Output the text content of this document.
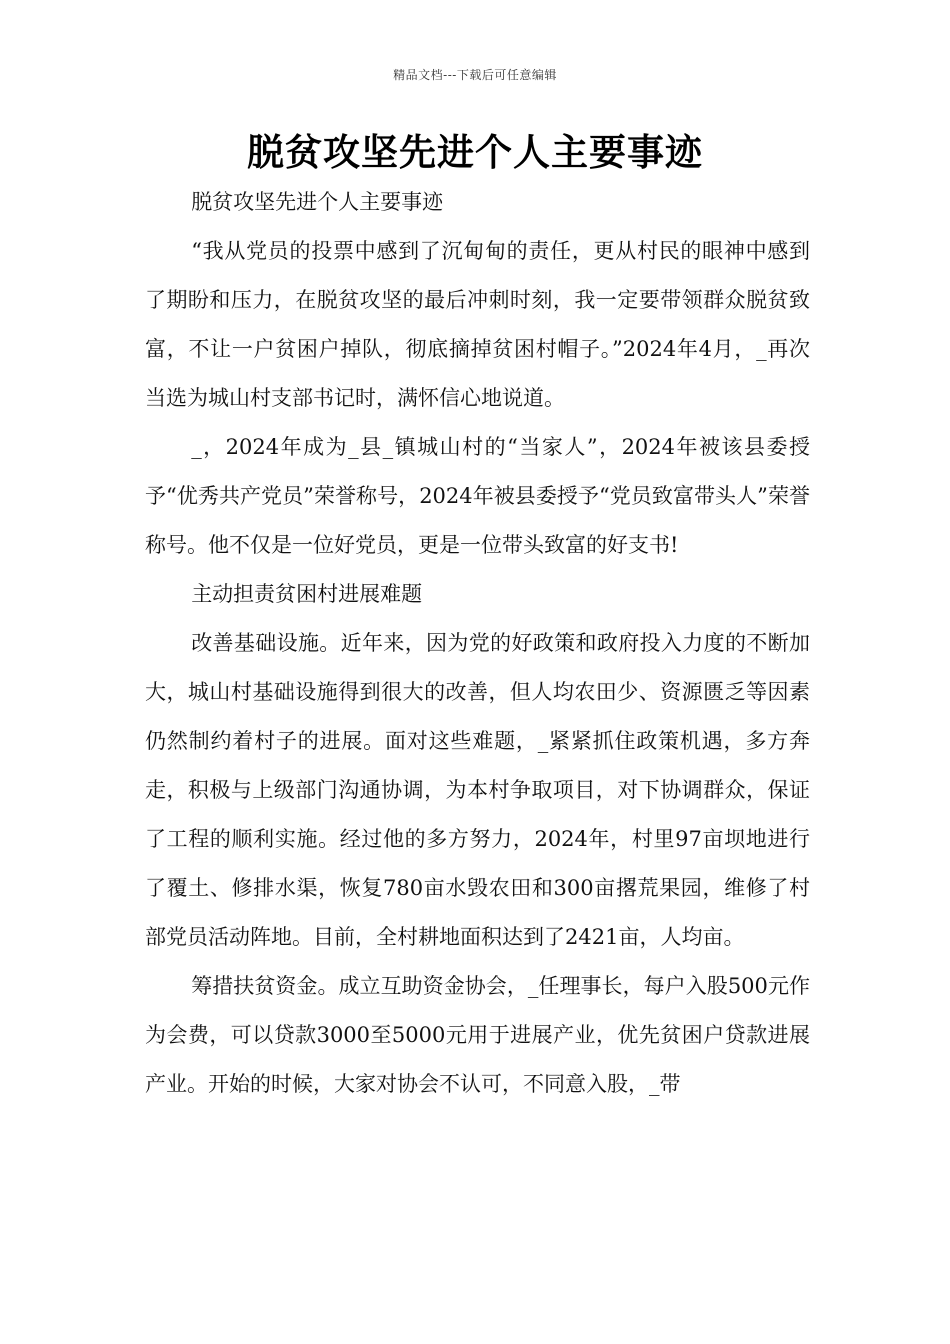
精品文档---下载后可任意编辑
脱贫攻坚先进个人主要事迹

脱贫攻坚先进个人主要事迹

“我从党员的投票中感到了沉甸甸的责任，更从村民的眼神中感到了期盼和压力，在脱贫攻坚的最后冲刺时刻，我一定要带领群众脱贫致富，不让一户贫困户掉队，彻底摘掉贫困村帽子。”2024年4月，_再次当选为城山村支部书记时，满怀信心地说道。

_，2024年成为_县_镇城山村的“当家人”，2024年被该县委授予“优秀共产党员”荣誉称号，2024年被县委授予“党员致富带头人”荣誉称号。他不仅是一位好党员，更是一位带头致富的好支书!

主动担责贫困村进展难题

改善基础设施。近年来，因为党的好政策和政府投入力度的不断加大，城山村基础设施得到很大的改善，但人均农田少、资源匮乏等因素仍然制约着村子的进展。面对这些难题，_紧紧抓住政策机遇，多方奔走，积极与上级部门沟通协调，为本村争取项目，对下协调群众，保证了工程的顺利实施。经过他的多方努力，2024年，村里97亩坝地进行了覆土、修排水渠，恢复780亩水毁农田和300亩撂荒果园，维修了村部党员活动阵地。目前，全村耕地面积达到了2421亩，人均亩。

筹措扶贫资金。成立互助资金协会，_任理事长，每户入股500元作为会费，可以贷款3000至5000元用于进展产业，优先贫困户贷款进展产业。开始的时候，大家对协会不认可，不同意入股，_带
